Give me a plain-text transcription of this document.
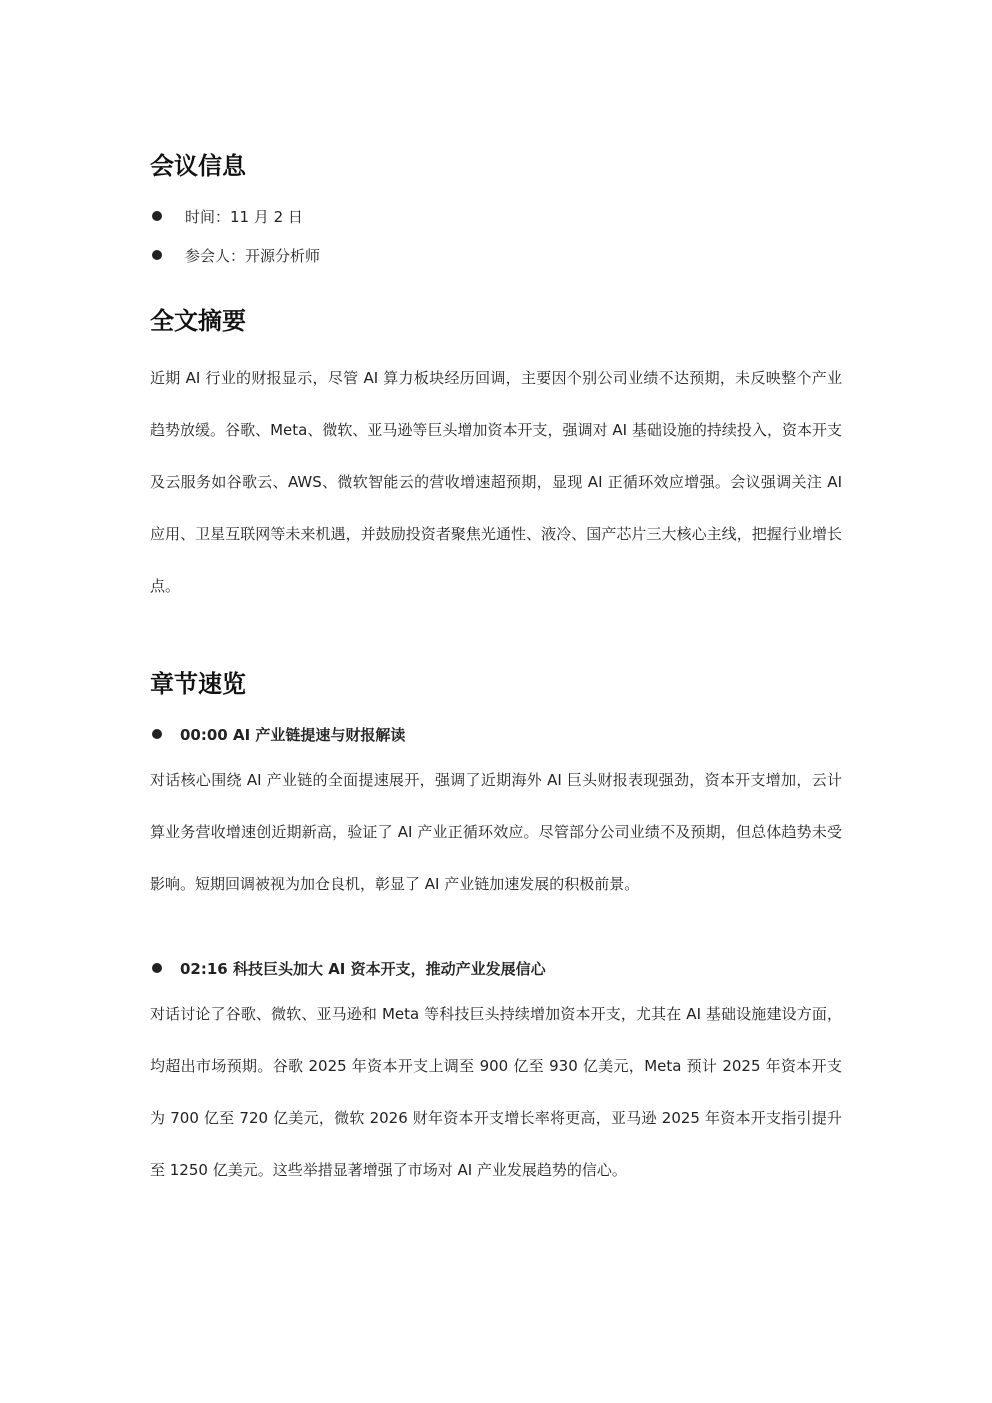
会议信息
时间：11 月 2 日
参会人：开源分析师
全文摘要

近期 AI 行业的财报显示，尽管 AI 算力板块经历回调，主要因个别公司业绩不达预期，未反映整个产业趋势放缓。谷歌、Meta、微软、亚马逊等巨头增加资本开支，强调对 AI 基础设施的持续投入，资本开支及云服务如谷歌云、AWS、微软智能云的营收增速超预期，显现 AI 正循环效应增强。会议强调关注 AI 应用、卫星互联网等未来机遇，并鼓励投资者聚焦光通性、液冷、国产芯片三大核心主线，把握行业增长点。

章节速览
00:00 AI 产业链提速与财报解读

对话核心围绕 AI 产业链的全面提速展开，强调了近期海外 AI 巨头财报表现强劲，资本开支增加，云计算业务营收增速创近期新高，验证了 AI 产业正循环效应。尽管部分公司业绩不及预期，但总体趋势未受影响。短期回调被视为加仓良机，彰显了 AI 产业链加速发展的积极前景。

02:16 科技巨头加大 AI 资本开支，推动产业发展信心

对话讨论了谷歌、微软、亚马逊和 Meta 等科技巨头持续增加资本开支，尤其在 AI 基础设施建设方面，均超出市场预期。谷歌 2025 年资本开支上调至 900 亿至 930 亿美元，Meta 预计 2025 年资本开支为 700 亿至 720 亿美元，微软 2026 财年资本开支增长率将更高，亚马逊 2025 年资本开支指引提升至 1250 亿美元。这些举措显著增强了市场对 AI 产业发展趋势的信心。
